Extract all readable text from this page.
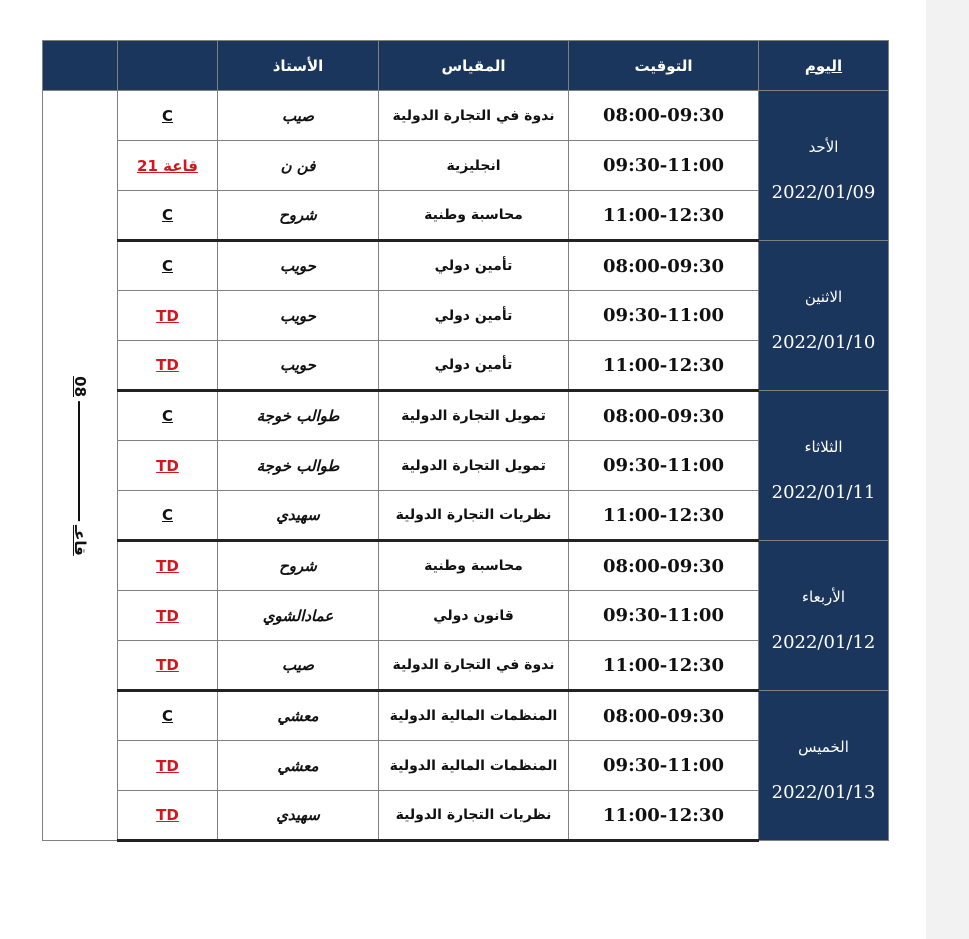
اليوم	التوقيت	المقياس	الأستاذ		

الأحد
2022/01/09	08:00-09:30	ندوة في التجارة الدولية	صيب	C	قاعـ08

	09:30-11:00	انجليزية	فن ن	قاعة 21	
	11:00-12:30	محاسبة وطنية	شروح	C	

الاثنين
2022/01/10	08:00-09:30	تأمين دولي	حويب	C	
	09:30-11:00	تأمين دولي	حويب	TD	
	11:00-12:30	تأمين دولي	حويب	TD	

الثلاثاء
2022/01/11	08:00-09:30	تمويل التجارة الدولية	طوالب خوجة	C	
	09:30-11:00	تمويل التجارة الدولية	طوالب خوجة	TD	
	11:00-12:30	نظريات التجارة الدولية	سهيدي	C	

الأربعاء
2022/01/12	08:00-09:30	محاسبة وطنية	شروح	TD	
	09:30-11:00	قانون دولي	عمادالشوي	TD	
	11:00-12:30	ندوة في التجارة الدولية	صيب	TD	

الخميس
2022/01/13	08:00-09:30	المنظمات المالية الدولية	معشي	C	
	09:30-11:00	المنظمات المالية الدولية	معشي	TD	
	11:00-12:30	نظريات التجارة الدولية	سهيدي	TD	
